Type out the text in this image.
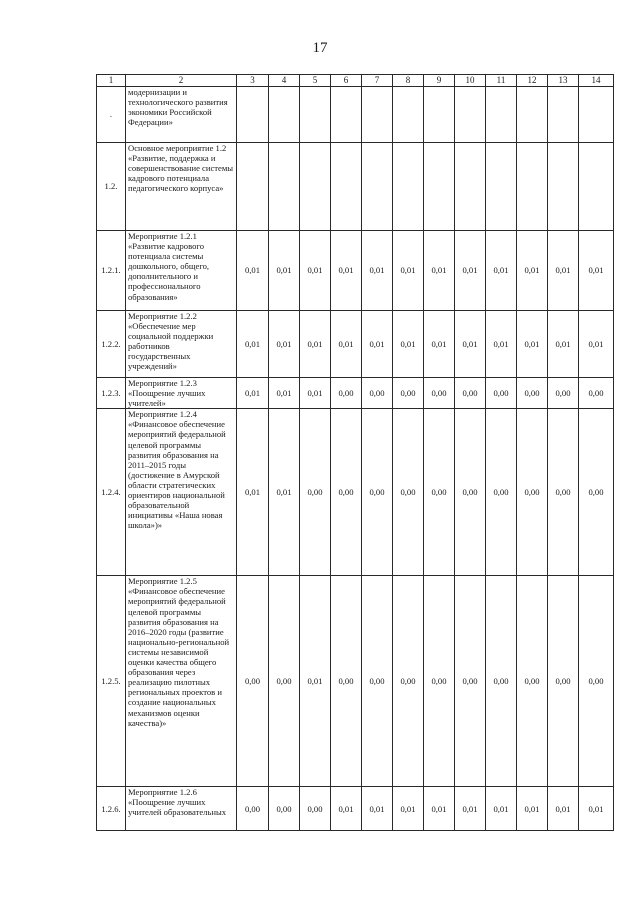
17
1	2	3	4	5	6	7	8	9	10	11	12	13	14
.	модернизации и технологического развития экономики Российской Федерации»												
1.2.	Основное мероприятие 1.2 «Развитие, поддержка и совершенствование системы кадрового потенциала педагогического корпуса»												
1.2.1.	Мероприятие 1.2.1 «Развитие кадрового потенциала системы дошкольного, общего, дополнительного и профессионального образования»	0,01	0,01	0,01	0,01	0,01	0,01	0,01	0,01	0,01	0,01	0,01	0,01
1.2.2.	Мероприятие 1.2.2 «Обеспечение мер социальной поддержки работников государственных учреждений»	0,01	0,01	0,01	0,01	0,01	0,01	0,01	0,01	0,01	0,01	0,01	0,01
1.2.3.	Мероприятие 1.2.3 «Поощрение лучших учителей»	0,01	0,01	0,01	0,00	0,00	0,00	0,00	0,00	0,00	0,00	0,00	0,00
1.2.4.	Мероприятие 1.2.4 «Финансовое обеспечение мероприятий федеральной целевой программы развития образования на 2011–2015 годы (достижение в Амурской области стратегических ориентиров национальной образовательной инициативы «Наша новая школа»)»	0,01	0,01	0,00	0,00	0,00	0,00	0,00	0,00	0,00	0,00	0,00	0,00
1.2.5.	Мероприятие 1.2.5 «Финансовое обеспечение мероприятий федеральной целевой программы развития образования на 2016–2020 годы (развитие национально-региональной системы независимой оценки качества общего образования через реализацию пилотных региональных проектов и создание национальных механизмов оценки качества)»	0,00	0,00	0,01	0,00	0,00	0,00	0,00	0,00	0,00	0,00	0,00	0,00
1.2.6.	Мероприятие 1.2.6 «Поощрение лучших учителей образовательных	0,00	0,00	0,00	0,01	0,01	0,01	0,01	0,01	0,01	0,01	0,01	0,01
